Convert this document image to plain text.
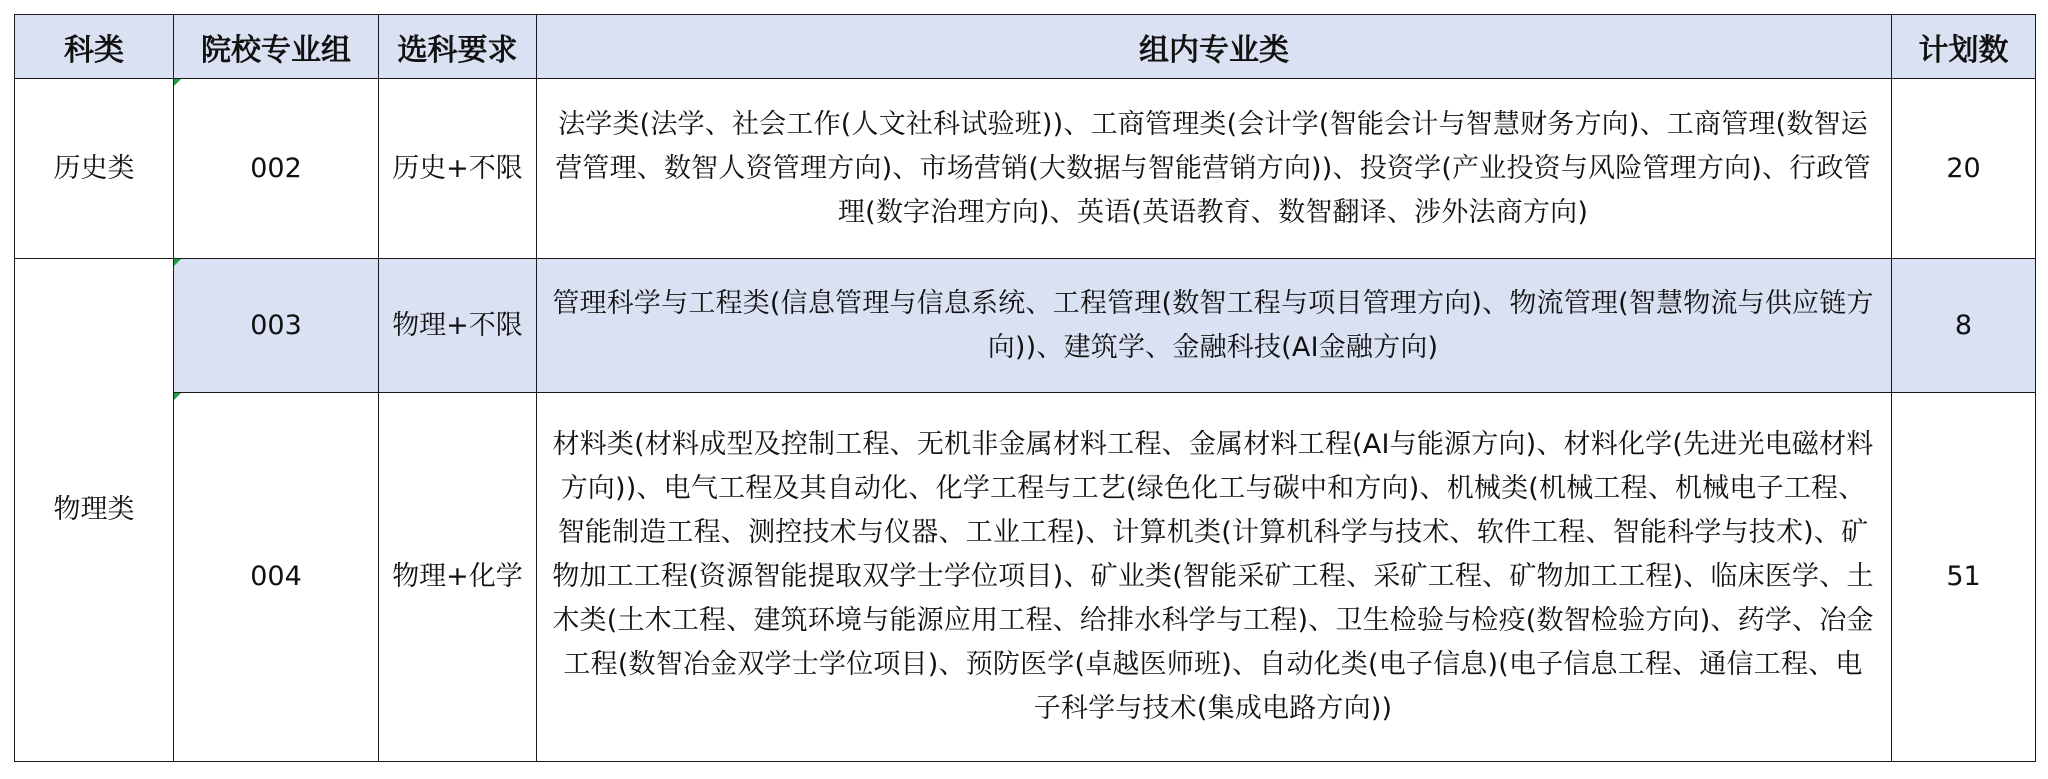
科类	院校专业组	选科要求	组内专业类	计划数
历史类	002	历史+不限	法学类(法学、社会工作(人文社科试验班))、工商管理类(会计学(智能会计与智慧财务方向)、工商管理(数智运营管理、数智人资管理方向)、市场营销(大数据与智能营销方向))、投资学(产业投资与风险管理方向)、行政管理(数字治理方向)、英语(英语教育、数智翻译、涉外法商方向)	20
物理类	003	物理+不限	管理科学与工程类(信息管理与信息系统、工程管理(数智工程与项目管理方向)、物流管理(智慧物流与供应链方向))、建筑学、金融科技(AI金融方向)	8

004	物理+化学	材料类(材料成型及控制工程、无机非金属材料工程、金属材料工程(AI与能源方向)、材料化学(先进光电磁材料方向))、电气工程及其自动化、化学工程与工艺(绿色化工与碳中和方向)、机械类(机械工程、机械电子工程、智能制造工程、测控技术与仪器、工业工程)、计算机类(计算机科学与技术、软件工程、智能科学与技术)、矿物加工工程(资源智能提取双学士学位项目)、矿业类(智能采矿工程、采矿工程、矿物加工工程)、临床医学、土木类(土木工程、建筑环境与能源应用工程、给排水科学与工程)、卫生检验与检疫(数智检验方向)、药学、冶金工程(数智冶金双学士学位项目)、预防医学(卓越医师班)、自动化类(电子信息)(电子信息工程、通信工程、电子科学与技术(集成电路方向))	51
